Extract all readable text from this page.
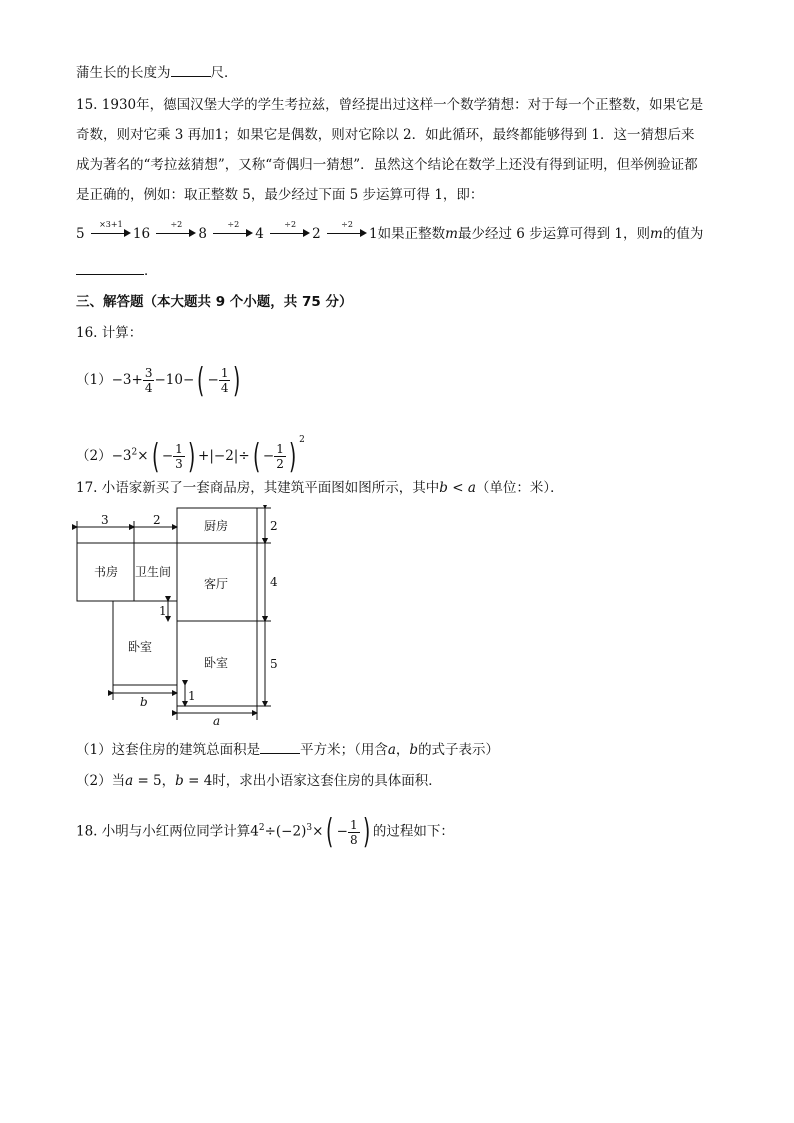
蒲生长的长度为	尺．
15. 1930年，德国汉堡大学的学生考拉兹，曾经提出过这样一个数学猜想：对于每一个正整数，如果它是
奇数，则对它乘 3 再加1；如果它是偶数，则对它除以 2．如此循环，最终都能够得到 1．这一猜想后来
成为著名的“考拉兹猜想”，又称“奇偶归一猜想”．虽然这个结论在数学上还没有得到证明，但举例验证都
是正确的，例如：取正整数 5，最少经过下面 5 步运算可得 1，即：
5
×3+1
16
÷2
8
÷2
4
÷2
2
÷2
1如果正整数m最少经过 6 步运算可得到 1，则m的值为
．
三、解答题（本大题共 9 个小题，共 75 分）
16. 计算：
$(1)-3+ \frac{3}{4} -10-( - \frac{1}{4}$ )
$(2)-3^2\times( - \frac{1}{3}$ ) $+|-2|\div( - \frac{1}{2}$ ) $^2$
17. 小语家新买了一套商品房，其建筑平面图如图所示，其中b < a（单位：米）．
书房 卫生间
厨房
客厅
卧室
卧室
3	2	2
4
5
1
1
b
a
（1）这套住房的建筑总面积是	平方米；（用含a，b的式子表示）
（2）当a = 5，b = 4时，求出小语家这套住房的具体面积．
18. 小明与小红两位同学计算$4^2\div(-2)^3\times( - \frac{1}{8}$ ) 的过程如下：
